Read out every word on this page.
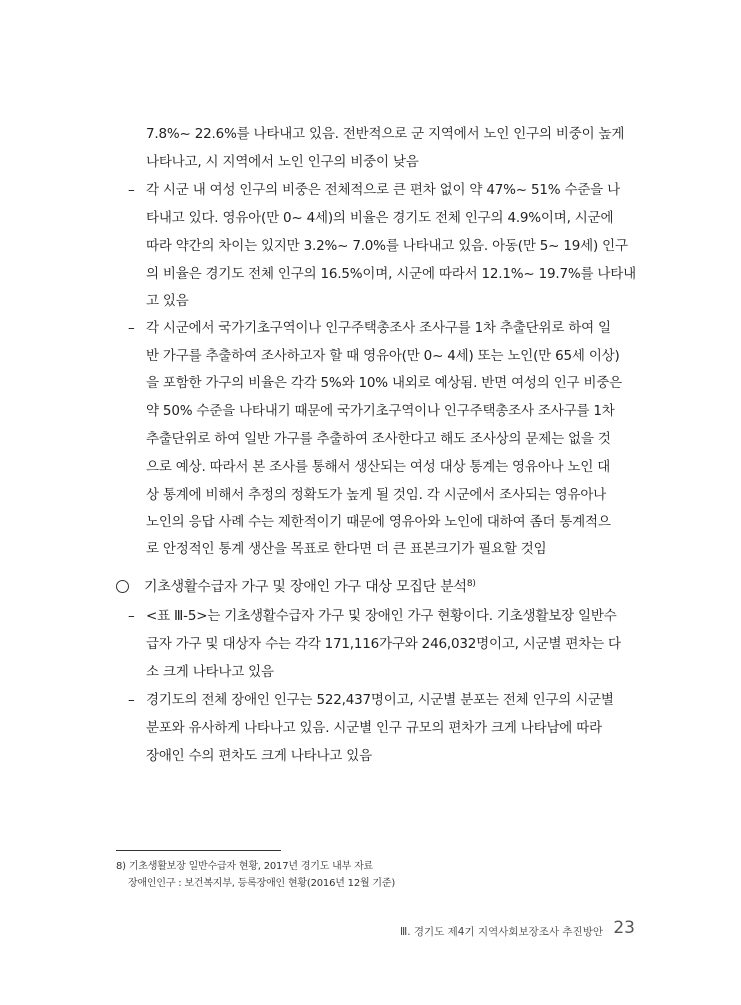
7.8%~ 22.6%를 나타내고 있음. 전반적으로 군 지역에서 노인 인구의 비중이 높게
나타나고, 시 지역에서 노인 인구의 비중이 낮음
– 각 시군 내 여성 인구의 비중은 전체적으로 큰 편차 없이 약 47%~ 51% 수준을 나
타내고 있다. 영유아(만 0~ 4세)의 비율은 경기도 전체 인구의 4.9%이며, 시군에
따라 약간의 차이는 있지만 3.2%~ 7.0%를 나타내고 있음. 아동(만 5~ 19세) 인구
의 비율은 경기도 전체 인구의 16.5%이며, 시군에 따라서 12.1%~ 19.7%를 나타내
고 있음
– 각 시군에서 국가기초구역이나 인구주택총조사 조사구를 1차 추출단위로 하여 일
반 가구를 추출하여 조사하고자 할 때 영유아(만 0~ 4세) 또는 노인(만 65세 이상)
을 포함한 가구의 비율은 각각 5%와 10% 내외로 예상됨. 반면 여성의 인구 비중은
약 50% 수준을 나타내기 때문에 국가기초구역이나 인구주택총조사 조사구를 1차
추출단위로 하여 일반 가구를 추출하여 조사한다고 해도 조사상의 문제는 없을 것
으로 예상. 따라서 본 조사를 통해서 생산되는 여성 대상 통계는 영유아나 노인 대
상 통계에 비해서 추정의 정확도가 높게 될 것임. 각 시군에서 조사되는 영유아나
노인의 응답 사례 수는 제한적이기 때문에 영유아와 노인에 대하여 좀더 통계적으
로 안정적인 통계 생산을 목표로 한다면 더 큰 표본크기가 필요할 것임
기초생활수급자 가구 및 장애인 가구 대상 모집단 분석$^{8)}$
– <표 Ⅲ-5>는 기초생활수급자 가구 및 장애인 가구 현황이다. 기초생활보장 일반수
급자 가구 및 대상자 수는 각각 171,116가구와 246,032명이고, 시군별 편차는 다
소 크게 나타나고 있음
– 경기도의 전체 장애인 인구는 522,437명이고, 시군별 분포는 전체 인구의 시군별
분포와 유사하게 나타나고 있음. 시군별 인구 규모의 편차가 크게 나타남에 따라
장애인 수의 편차도 크게 나타나고 있음
8) 기초생활보장 일반수급자 현황, 2017년 경기도 내부 자료
장애인인구 : 보건복지부, 등록장애인 현황(2016년 12월 기준)
Ⅲ. 경기도 제4기 지역사회보장조사 추진방안 23
